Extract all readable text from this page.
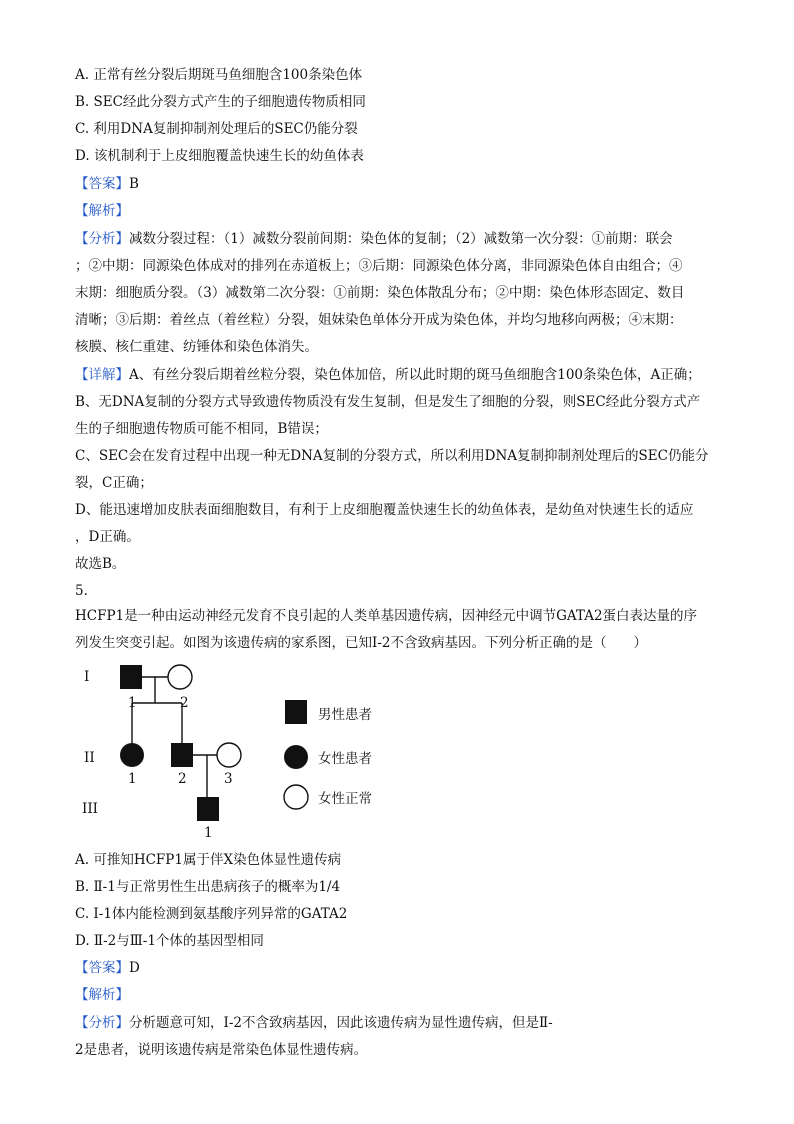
A. 正常有丝分裂后期斑马鱼细胞含100条染色体
B. SEC经此分裂方式产生的子细胞遗传物质相同
C. 利用DNA复制抑制剂处理后的SEC仍能分裂
D. 该机制利于上皮细胞覆盖快速生长的幼鱼体表
【答案】B
【解析】
【分析】减数分裂过程：（1）减数分裂前间期：染色体的复制；（2）减数第一次分裂：①前期：联会
；②中期：同源染色体成对的排列在赤道板上；③后期：同源染色体分离，非同源染色体自由组合；④
末期：细胞质分裂。（3）减数第二次分裂：①前期：染色体散乱分布；②中期：染色体形态固定、数目
清晰；③后期：着丝点（着丝粒）分裂，姐妹染色单体分开成为染色体，并均匀地移向两极；④末期：
核膜、核仁重建、纺锤体和染色体消失。
【详解】A、有丝分裂后期着丝粒分裂，染色体加倍，所以此时期的斑马鱼细胞含100条染色体，A正确；
B、无DNA复制的分裂方式导致遗传物质没有发生复制，但是发生了细胞的分裂，则SEC经此分裂方式产
生的子细胞遗传物质可能不相同，B错误；
C、SEC会在发育过程中出现一种无DNA复制的分裂方式，所以利用DNA复制抑制剂处理后的SEC仍能分
裂，C正确；
D、能迅速增加皮肤表面细胞数目，有利于上皮细胞覆盖快速生长的幼鱼体表，是幼鱼对快速生长的适应
，D正确。
故选B。
5.
HCFP1是一种由运动神经元发育不良引起的人类单基因遗传病，因神经元中调节GATA2蛋白表达量的序
列发生突变引起。如图为该遗传病的家系图，已知I-2不含致病基因。下列分析正确的是（　　）
I
II
III
1	2
1	2	3
1
男性患者
女性患者
女性正常
A. 可推知HCFP1属于伴X染色体显性遗传病
B. Ⅱ-1与正常男性生出患病孩子的概率为1/4
C. I-1体内能检测到氨基酸序列异常的GATA2
D. Ⅱ-2与Ⅲ-1个体的基因型相同
【答案】D
【解析】
【分析】分析题意可知，I-2不含致病基因，因此该遗传病为显性遗传病，但是Ⅱ-
2是患者，说明该遗传病是常染色体显性遗传病。
